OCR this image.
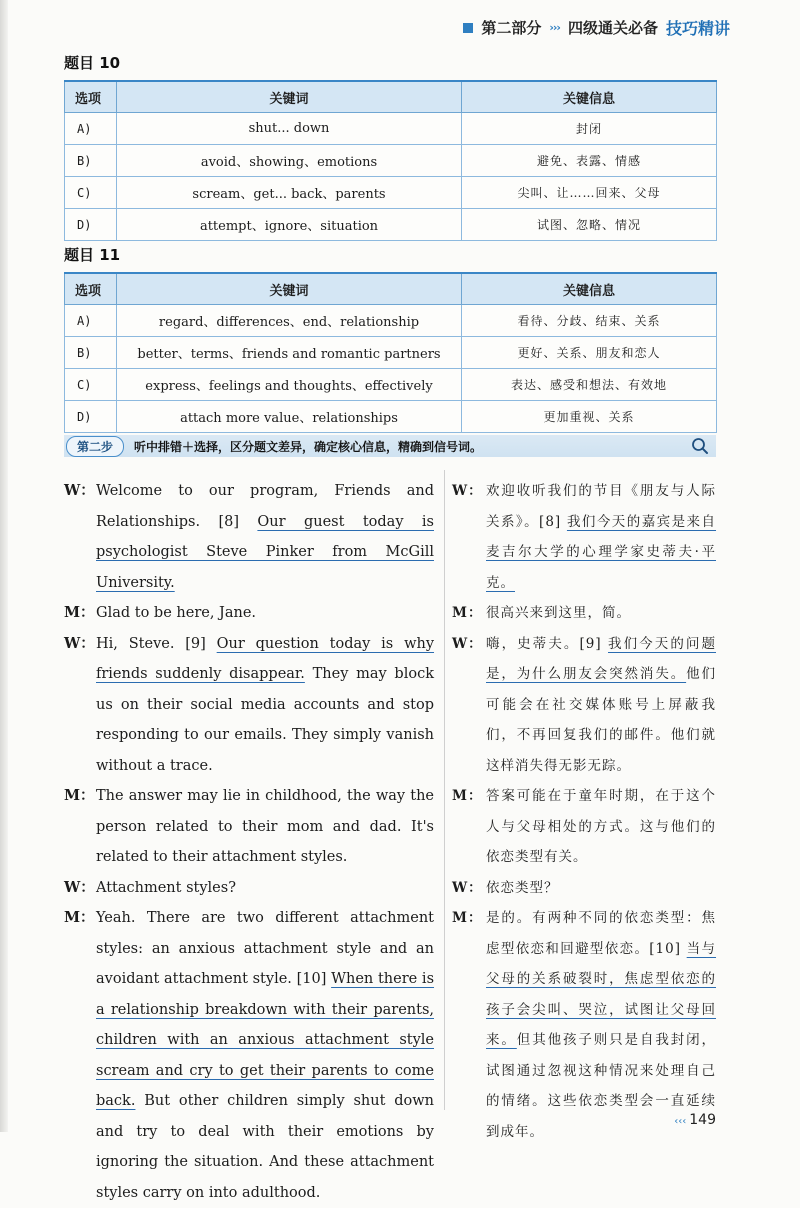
第二部分 ››› 四级通关必备 技巧精讲
题目 10
选项	关键词	关键信息
A)	shut... down	封闭
B)	avoid、showing、emotions	避免、表露、情感
C)	scream、get... back、parents	尖叫、让……回来、父母
D)	attempt、ignore、situation	试图、忽略、情况
题目 11
选项	关键词	关键信息
A)	regard、differences、end、relationship	看待、分歧、结束、关系
B)	better、terms、friends and romantic partners	更好、关系、朋友和恋人
C)	express、feelings and thoughts、effectively	表达、感受和想法、有效地
D)	attach more value、relationships	更加重视、关系
第二步	听中排错＋选择，区分题文差异，确定核心信息，精确到信号词。
W： Welcome to our program, Friends and Relationships. [8] Our guest today is psychologist Steve Pinker from McGill University.
M： Glad to be here, Jane.
W： Hi, Steve. [9] Our question today is why friends suddenly disappear. They may block us on their social media accounts and stop responding to our emails. They simply vanish without a trace.
M： The answer may lie in childhood, the way the person related to their mom and dad. It's related to their attachment styles.
W： Attachment styles?
M： Yeah. There are two different attachment styles: an anxious attachment style and an avoidant attachment style. [10] When there is a relationship breakdown with their parents, children with an anxious attachment style scream and cry to get their parents to come back. But other children simply shut down and try to deal with their emotions by ignoring the situation. And these attachment styles carry on into adulthood.
W： 欢迎收听我们的节目《朋友与人际关系》。[8] 我们今天的嘉宾是来自麦吉尔大学的心理学家史蒂夫·平克。
M： 很高兴来到这里，简。
W： 嗨，史蒂夫。[9] 我们今天的问题是，为什么朋友会突然消失。他们可能会在社交媒体账号上屏蔽我们，不再回复我们的邮件。他们就这样消失得无影无踪。
M： 答案可能在于童年时期，在于这个人与父母相处的方式。这与他们的依恋类型有关。
W： 依恋类型？
M： 是的。有两种不同的依恋类型：焦虑型依恋和回避型依恋。[10] 当与父母的关系破裂时，焦虑型依恋的孩子会尖叫、哭泣，试图让父母回来。但其他孩子则只是自我封闭，试图通过忽视这种情况来处理自己的情绪。这些依恋类型会一直延续到成年。
‹‹‹ 149
